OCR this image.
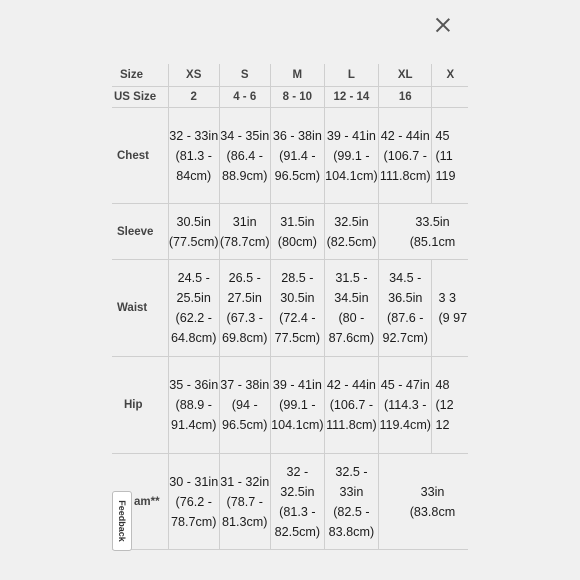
Size	XS	S	M	L	XL	X
US Size	2	4 - 6	8 - 10	12 - 14	16	
Chest	32 - 33in (81.3 - 84cm)	34 - 35in (86.4 - 88.9cm)	36 - 38in (91.4 - 96.5cm)	39 - 41in (99.1 - 104.1cm)	42 - 44in (106.7 - 111.8cm)	45 (11 119
Sleeve	30.5in (77.5cm)	31in (78.7cm)	31.5in (80cm)	32.5in (82.5cm)	33.5in (85.1cm	
Waist	24.5 - 25.5in (62.2 - 64.8cm)	26.5 - 27.5in (67.3 - 69.8cm)	28.5 - 30.5in (72.4 - 77.5cm)	31.5 - 34.5in (80 - 87.6cm)	34.5 - 36.5in (87.6 - 92.7cm)	3 3 (9 97
Hip	35 - 36in (88.9 - 91.4cm)	37 - 38in (94 - 96.5cm)	39 - 41in (99.1 - 104.1cm)	42 - 44in (106.7 - 111.8cm)	45 - 47in (114.3 - 119.4cm)	48 (12 12
am**	30 - 31in (76.2 - 78.7cm)	31 - 32in (78.7 - 81.3cm)	32 - 32.5in (81.3 - 82.5cm)	32.5 - 33in (82.5 - 83.8cm)	33in (83.8cm	
Feedback
